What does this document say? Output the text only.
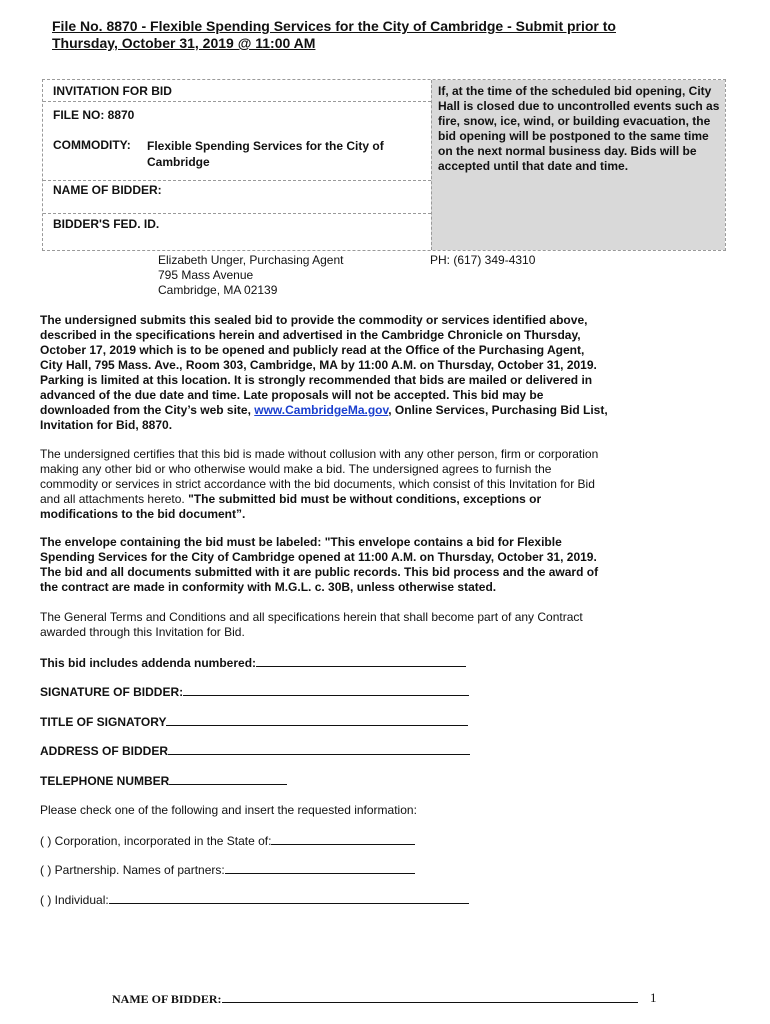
File No. 8870 - Flexible Spending Services for the City of Cambridge - Submit prior to
Thursday, October 31, 2019 @ 11:00 AM
INVITATION FOR BID
FILE NO: 8870
COMMODITY: Flexible Spending Services for the City of
Cambridge
NAME OF BIDDER:
BIDDER'S FED. ID.
If, at the time of the scheduled bid opening, City Hall is closed due to uncontrolled events such as fire, snow, ice, wind, or building evacuation, the bid opening will be postponed to the same time on the next normal business day. Bids will be accepted until that date and time.
Elizabeth Unger, Purchasing Agent
795 Mass Avenue
Cambridge, MA 02139
PH: (617) 349-4310
The undersigned submits this sealed bid to provide the commodity or services identified above, described in the specifications herein and advertised in the Cambridge Chronicle on Thursday, October 17, 2019 which is to be opened and publicly read at the Office of the Purchasing Agent, City Hall, 795 Mass. Ave., Room 303, Cambridge, MA by 11:00 A.M. on Thursday, October 31, 2019. Parking is limited at this location. It is strongly recommended that bids are mailed or delivered in advanced of the due date and time. Late proposals will not be accepted. This bid may be downloaded from the City’s web site, www.CambridgeMa.gov, Online Services, Purchasing Bid List, Invitation for Bid, 8870.
The undersigned certifies that this bid is made without collusion with any other person, firm or corporation making any other bid or who otherwise would make a bid. The undersigned agrees to furnish the commodity or services in strict accordance with the bid documents, which consist of this Invitation for Bid and all attachments hereto. "The submitted bid must be without conditions, exceptions or modifications to the bid document”.
The envelope containing the bid must be labeled: "This envelope contains a bid for Flexible Spending Services for the City of Cambridge opened at 11:00 A.M. on Thursday, October 31, 2019. The bid and all documents submitted with it are public records. This bid process and the award of the contract are made in conformity with M.G.L. c. 30B, unless otherwise stated.
The General Terms and Conditions and all specifications herein that shall become part of any Contract awarded through this Invitation for Bid.
This bid includes addenda numbered:
SIGNATURE OF BIDDER:
TITLE OF SIGNATORY
ADDRESS OF BIDDER
TELEPHONE NUMBER
Please check one of the following and insert the requested information:
( ) Corporation, incorporated in the State of:
( ) Partnership. Names of partners:
( ) Individual:
NAME OF BIDDER:	1
